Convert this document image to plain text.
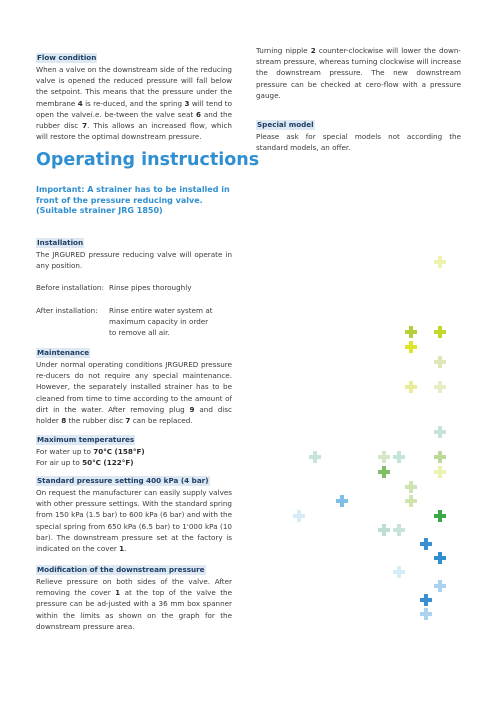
Flow condition

When a valve on the downstream side of the reducing valve is opened the reduced pressure will fall below the setpoint. This means that the pressure under the membrane 4 is re-duced, and the spring 3 will tend to open the valvei.e. be-tween the valve seat 6 and the rubber disc 7. This allows an increased flow, which will restore the optimal downstream pressure.

Turning nipple 2 counter-clockwise will lower the down-stream pressure, whereas turning clockwise will increase the downstream pressure. The new downstream pressure can be checked at cero-flow with a pressure gauge.

Special model

Please ask for special models not according the standard models, an offer.

Operating instructions
Important: A strainer has to be installed in
front of the pressure reducing valve.
(Suitable strainer JRG 1850)
Installation

The JRGURED pressure reducing valve will operate in any position.

Before installation: Rinse pipes thoroughly
After installation:	Rinse entire water system at
maximum capacity in order
to remove all air.
Maintenance

Under normal operating conditions JRGURED pressure re-ducers do not require any special maintenance. However, the separately installed strainer has to be cleaned from time to time according to the amount of dirt in the water. After removing plug 9 and disc holder 8 the rubber disc 7 can be replaced.

Maximum temperatures

For water up to 70°C (158°F)

For air up to 50°C (122°F)

Standard pressure setting 400 kPa (4 bar)

On request the manufacturer can easily supply valves with other pressure settings. With the standard spring from 150 kPa (1.5 bar) to 600 kPa (6 bar) and with the special spring from 650 kPa (6.5 bar) to 1'000 kPa (10 bar). The downstream pressure set at the factory is indicated on the cover 1.

Modification of the downstream pressure

Relieve pressure on both sides of the valve. After removing the cover 1 at the top of the valve the pressure can be ad-justed with a 36 mm box spanner within the limits as shown on the graph for the downstream pressure area.
